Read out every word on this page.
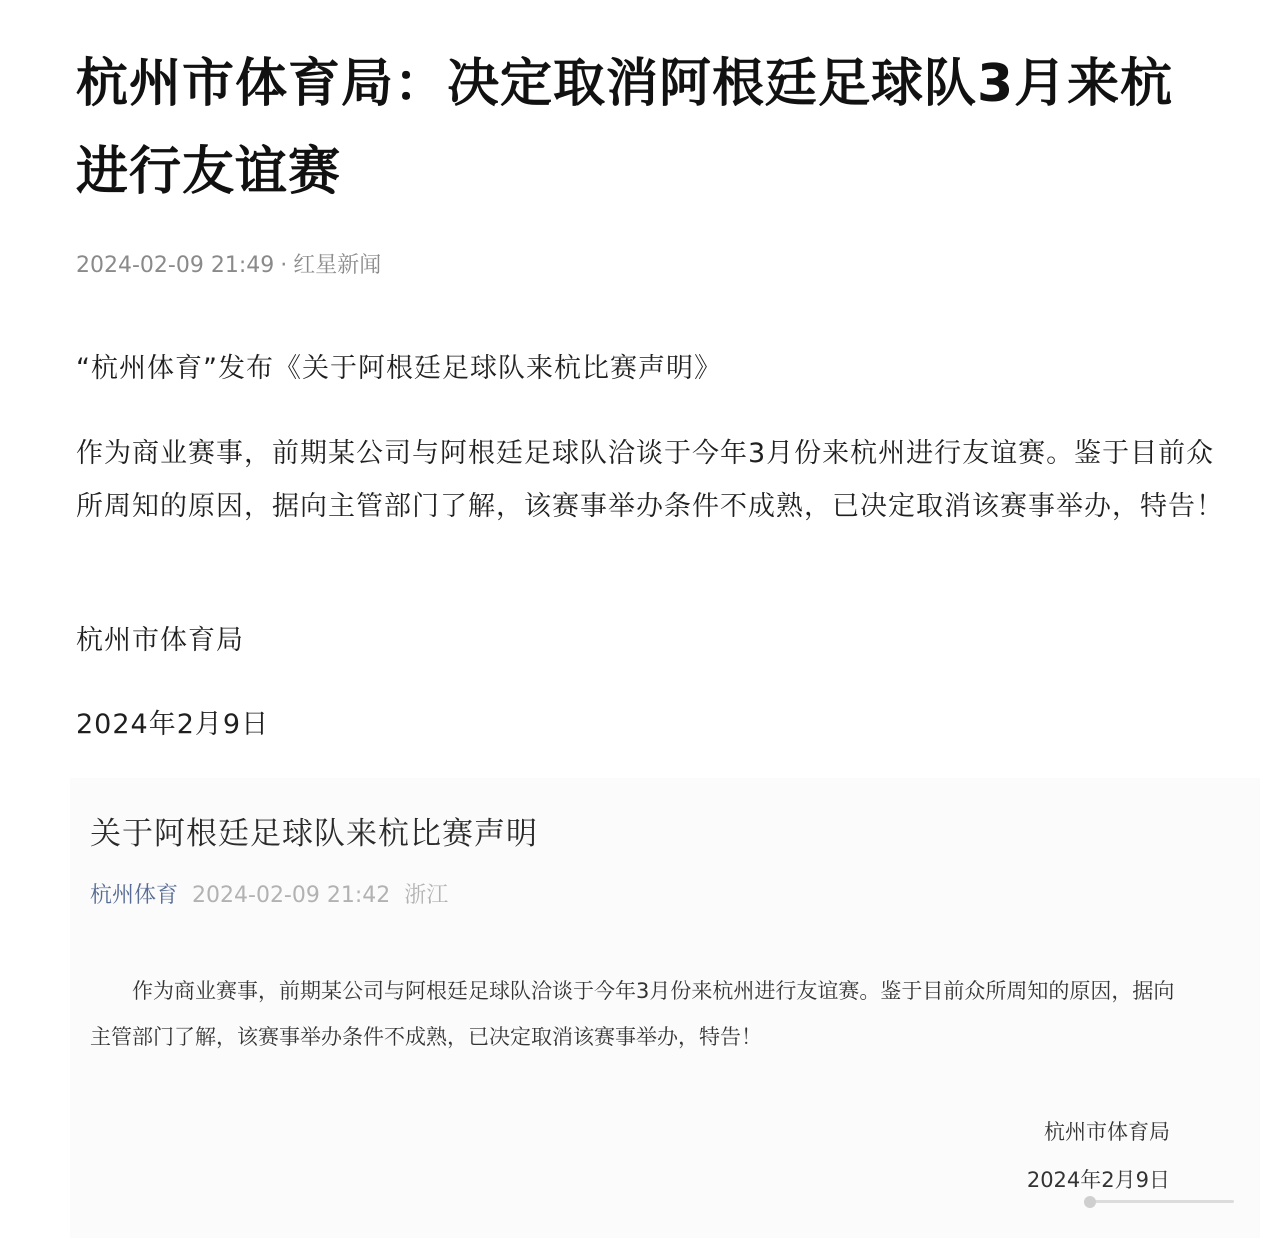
杭州市体育局：决定取消阿根廷足球队3月来杭进行友谊赛
2024-02-09 21:49 · 红星新闻

“杭州体育”发布《关于阿根廷足球队来杭比赛声明》

作为商业赛事，前期某公司与阿根廷足球队洽谈于今年3月份来杭州进行友谊赛。鉴于目前众所周知的原因，据向主管部门了解，该赛事举办条件不成熟，已决定取消该赛事举办，特告！

杭州市体育局

2024年2月9日

关于阿根廷足球队来杭比赛声明
杭州体育 2024-02-09 21:42 浙江

作为商业赛事，前期某公司与阿根廷足球队洽谈于今年3月份来杭州进行友谊赛。鉴于目前众所周知的原因，据向主管部门了解，该赛事举办条件不成熟，已决定取消该赛事举办，特告！

杭州市体育局
2024年2月9日
